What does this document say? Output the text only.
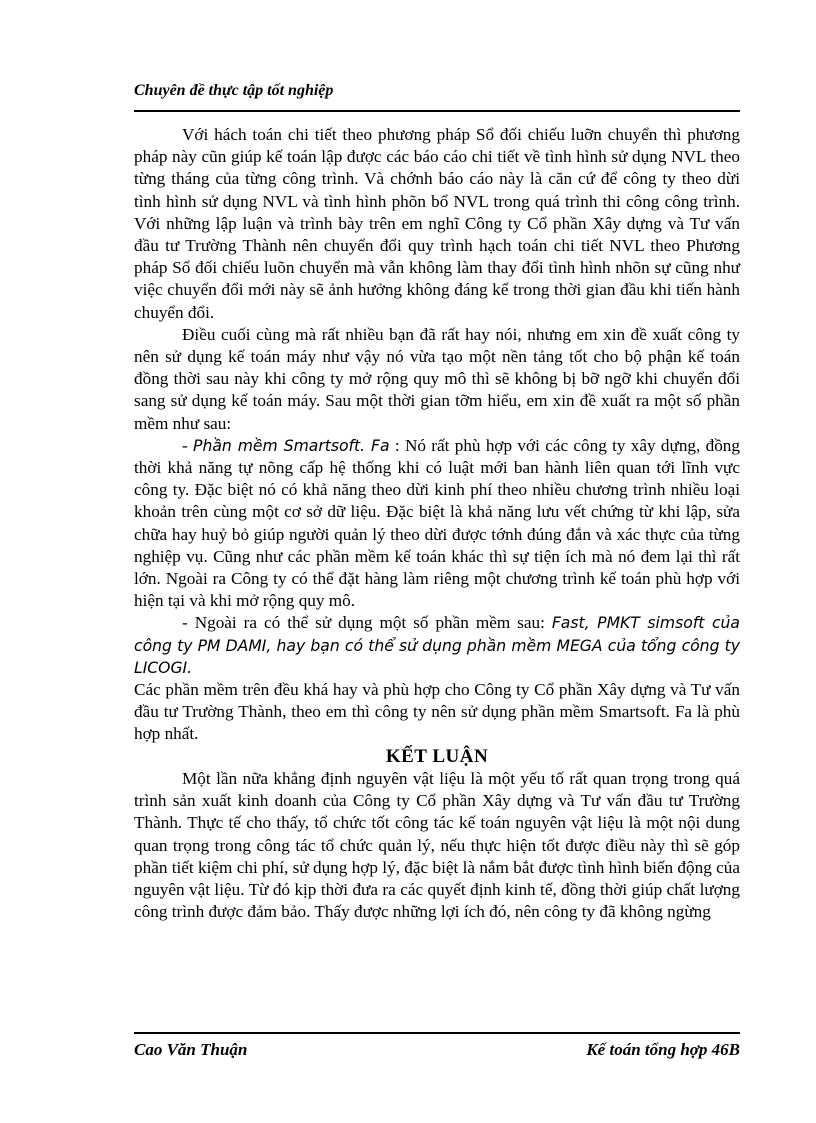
Chuyên đề thực tập tốt nghiệp

Với hách toán chi tiết theo phương pháp Sổ đối chiếu luỡn chuyển thì phương pháp này cũn giúp kế toán lập được các báo cáo chi tiết về tình hình sử dụng NVL theo từng tháng của từng công trình. Và chớnh báo cáo này là căn cứ để công ty theo dừi tình hình sử dụng NVL và tình hình phõn bổ NVL trong quá trình thi công công trình. Với những lập luận và trình bày trên em nghĩ Công ty Cổ phần Xây dựng và Tư vấn đầu tư Trường Thành nên chuyển đổi quy trình hạch toán chi tiết NVL theo Phương pháp Sổ đối chiếu luõn chuyển mà vẫn không làm thay đổi tình hình nhõn sự cũng như việc chuyển đổi mới này sẽ ảnh hưởng không đáng kể trong thời gian đầu khi tiến hành chuyển đổi.

Điều cuối cùng mà rất nhiều bạn đã rất hay nói, nhưng em xin đề xuất công ty nên sử dụng kế toán máy như vậy nó vừa tạo một nền tảng tốt cho bộ phận kế toán đồng thời sau này khi công ty mở rộng quy mô thì sẽ không bị bỡ ngỡ khi chuyển đổi sang sử dụng kế toán máy. Sau một thời gian tỡm hiểu, em xin đề xuất ra một số phần mềm như sau:

- Phần mềm Smartsoft. Fa : Nó rất phù hợp với các công ty xây dựng, đồng thời khả năng tự nõng cấp hệ thống khi có luật mới ban hành liên quan tới lĩnh vực công ty. Đặc biệt nó có khả năng theo dừi kinh phí theo nhiều chương trình nhiều loại khoản trên cùng một cơ sở dữ liệu. Đặc biệt là khả năng lưu vết chứng từ khi lập, sửa chữa hay huỷ bỏ giúp người quản lý theo dừi được tớnh đúng đắn và xác thực của từng nghiệp vụ. Cũng như các phần mềm kế toán khác thì sự tiện ích mà nó đem lại thì rất lớn. Ngoài ra Công ty có thể đặt hàng làm riêng một chương trình kế toán phù hợp với hiện tại và khi mở rộng quy mô.

- Ngoài ra có thể sử dụng một số phần mềm sau: Fast, PMKT simsoft của công ty PM DAMI, hay bạn có thể sử dụng phần mềm MEGA của tổng công ty LICOGI.

Các phần mềm trên đều khá hay và phù hợp cho Công ty Cổ phần Xây dựng và Tư vấn đầu tư Trường Thành, theo em thì công ty nên sử dụng phần mềm Smartsoft. Fa là phù hợp nhất.

KẾT LUẬN

Một lần nữa khẳng định nguyên vật liệu là một yếu tố rất quan trọng trong quá trình sản xuất kinh doanh của Công ty Cổ phần Xây dựng và Tư vấn đầu tư Trường Thành. Thực tế cho thấy, tổ chức tốt công tác kế toán nguyên vật liệu là một nội dung quan trọng trong công tác tổ chức quản lý, nếu thực hiện tốt được điều này thì sẽ góp phần tiết kiệm chi phí, sử dụng hợp lý, đặc biệt là nắm bắt được tình hình biến động của nguyên vật liệu. Từ đó kịp thời đưa ra các quyết định kinh tế, đồng thời giúp chất lượng công trình được đảm bảo. Thấy được những lợi ích đó, nên công ty đã không ngừng

Cao Văn Thuận	Kế toán tổng hợp 46B
